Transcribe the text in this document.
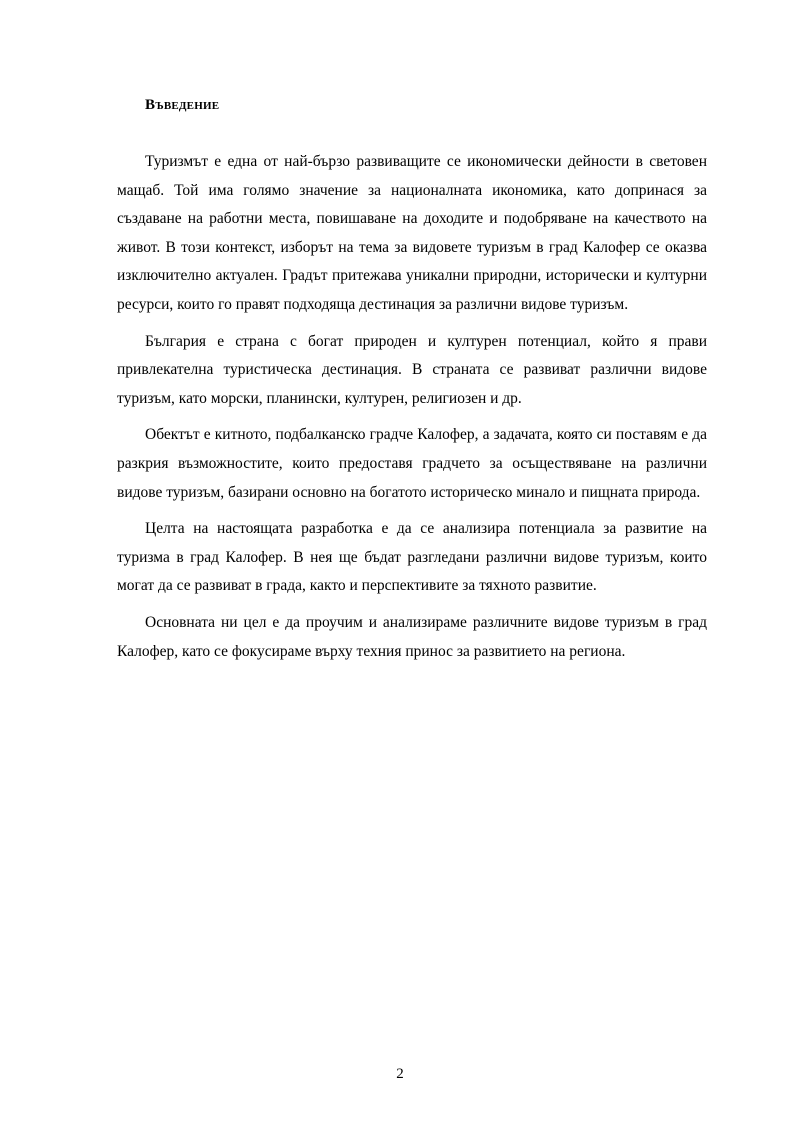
Въведение

Туризмът е една от най-бързо развиващите се икономически дейности в световен мащаб. Той има голямо значение за националната икономика, като допринася за създаване на работни места, повишаване на доходите и подобряване на качеството на живот. В този контекст, изборът на тема за видовете туризъм в град Калофер се оказва изключително актуален. Градът притежава уникални природни, исторически и културни ресурси, които го правят подходяща дестинация за различни видове туризъм.

България е страна с богат природен и културен потенциал, който я прави привлекателна туристическа дестинация. В страната се развиват различни видове туризъм, като морски, планински, културен, религиозен и др.

Обектът е китното, подбалканско градче Калофер, а задачата, която си поставям е да разкрия възможностите, които предоставя градчето за осъществяване на различни видове туризъм, базирани основно на богатото историческо минало и пищната природа.

Целта на настоящата разработка е да се анализира потенциала за развитие на туризма в град Калофер. В нея ще бъдат разгледани различни видове туризъм, които могат да се развиват в града, както и перспективите за тяхното развитие.

Основната ни цел е да проучим и анализираме различните видове туризъм в град Калофер, като се фокусираме върху техния принос за развитието на региона.

2
